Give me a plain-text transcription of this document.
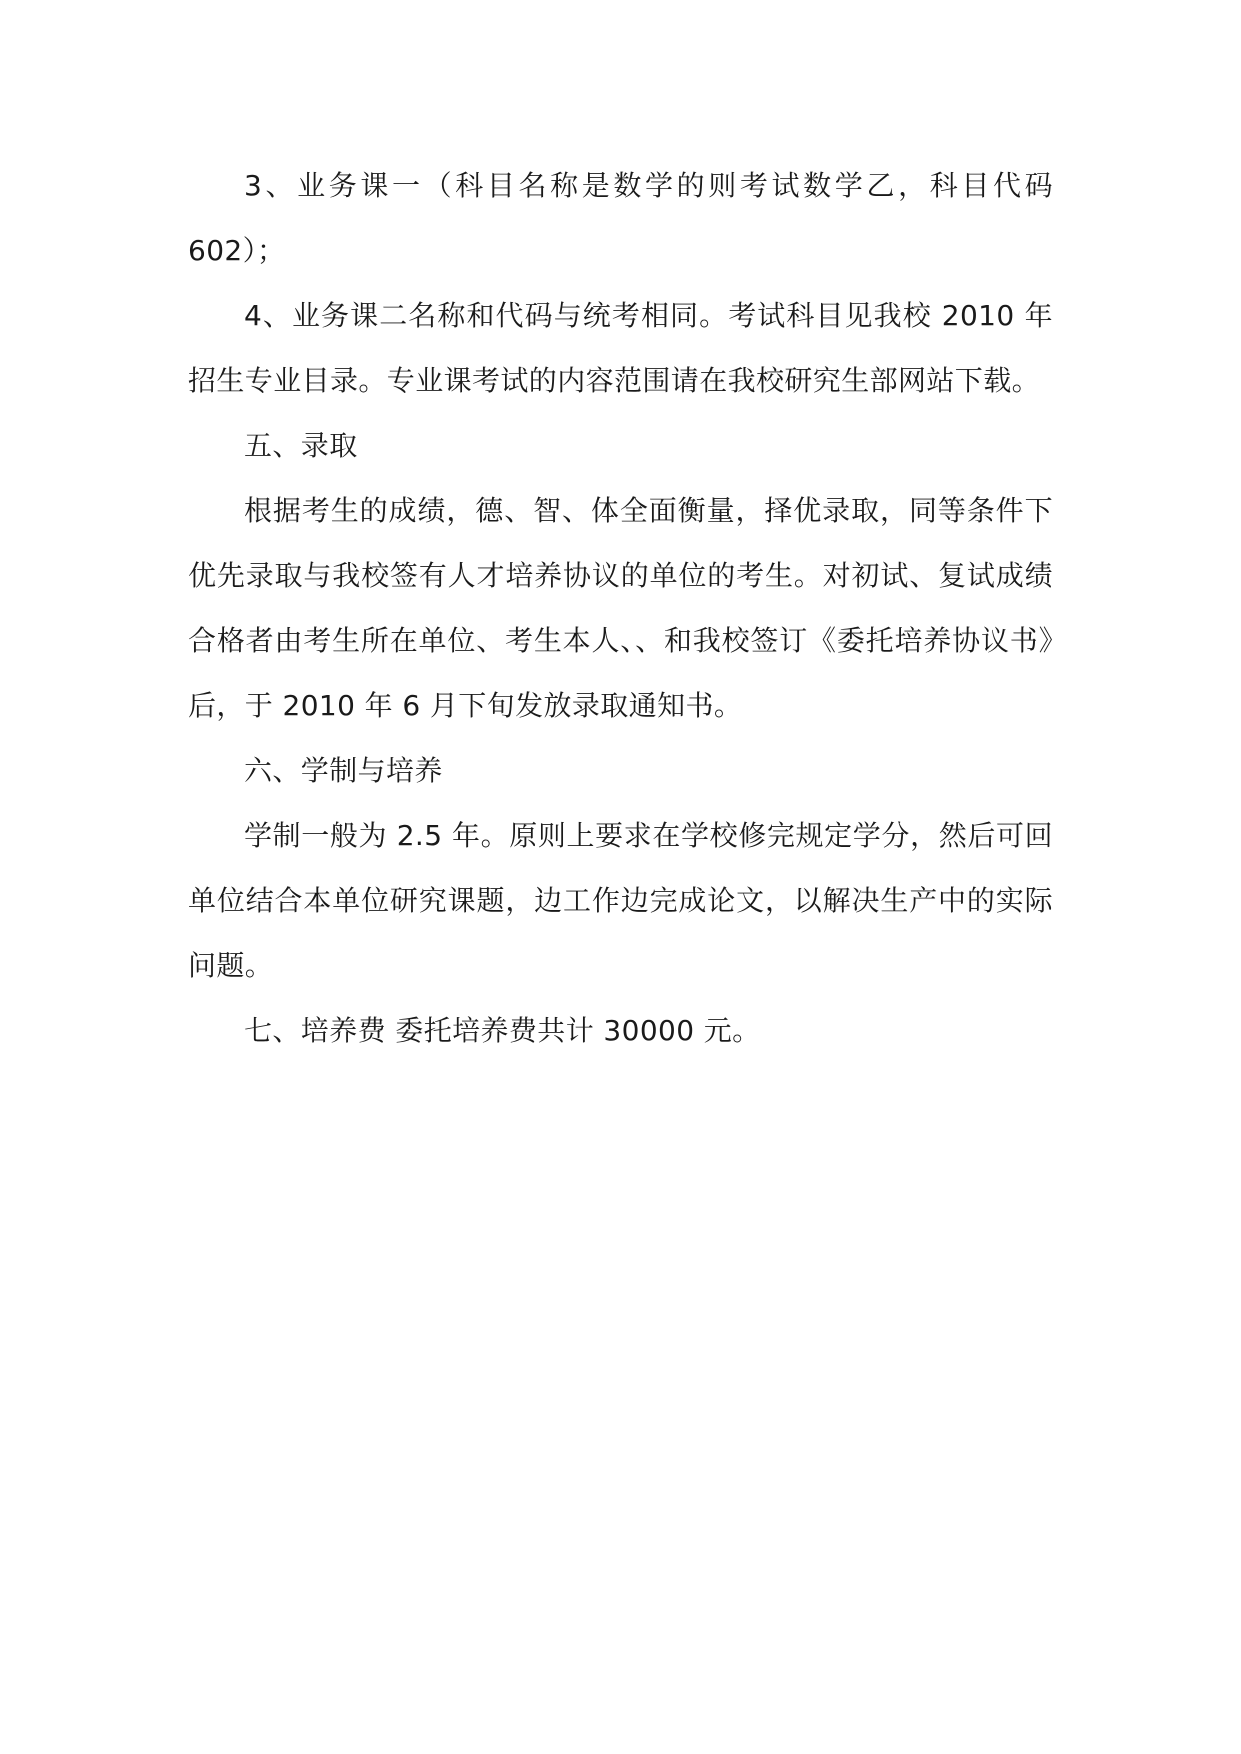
3、业务课一（科目名称是数学的则考试数学乙，科目代码602）；

4、业务课二名称和代码与统考相同。考试科目见我校 2010 年招生专业目录。专业课考试的内容范围请在我校研究生部网站下载。

五、录取

根据考生的成绩，德、智、体全面衡量，择优录取，同等条件下优先录取与我校签有人才培养协议的单位的考生。对初试、复试成绩合格者由考生所在单位、考生本人、、和我校签订《委托培养协议书》后，于 2010 年 6 月下旬发放录取通知书。

六、学制与培养

学制一般为 2.5 年。原则上要求在学校修完规定学分，然后可回单位结合本单位研究课题，边工作边完成论文，以解决生产中的实际问题。

七、培养费 委托培养费共计 30000 元。
